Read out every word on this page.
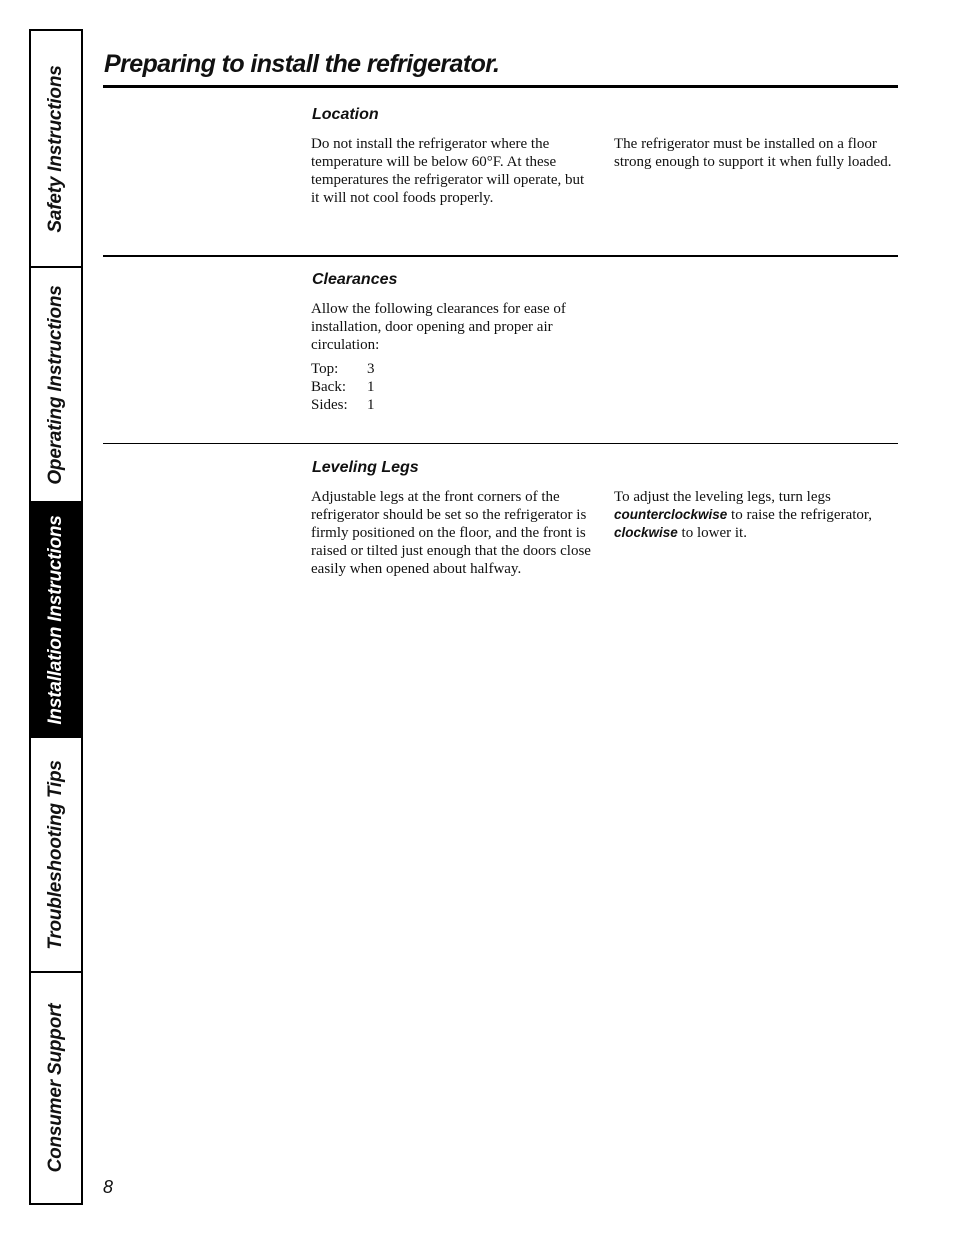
Safety Instructions
Operating Instructions
Installation Instructions
Troubleshooting Tips
Consumer Support
Preparing to install the refrigerator.
Location

Do not install the refrigerator where the temperature will be below 60°F. At these temperatures the refrigerator will operate, but it will not cool foods properly.

The refrigerator must be installed on a floor strong enough to support it when fully loaded.

Clearances

Allow the following clearances for ease of installation, door opening and proper air circulation:

Top:	3
Back:	1
Sides:	1
Leveling Legs

Adjustable legs at the front corners of the refrigerator should be set so the refrigerator is firmly positioned on the floor, and the front is raised or tilted just enough that the doors close easily when opened about halfway.

To adjust the leveling legs, turn legs counterclockwise to raise the refrigerator, clockwise to lower it.

8
